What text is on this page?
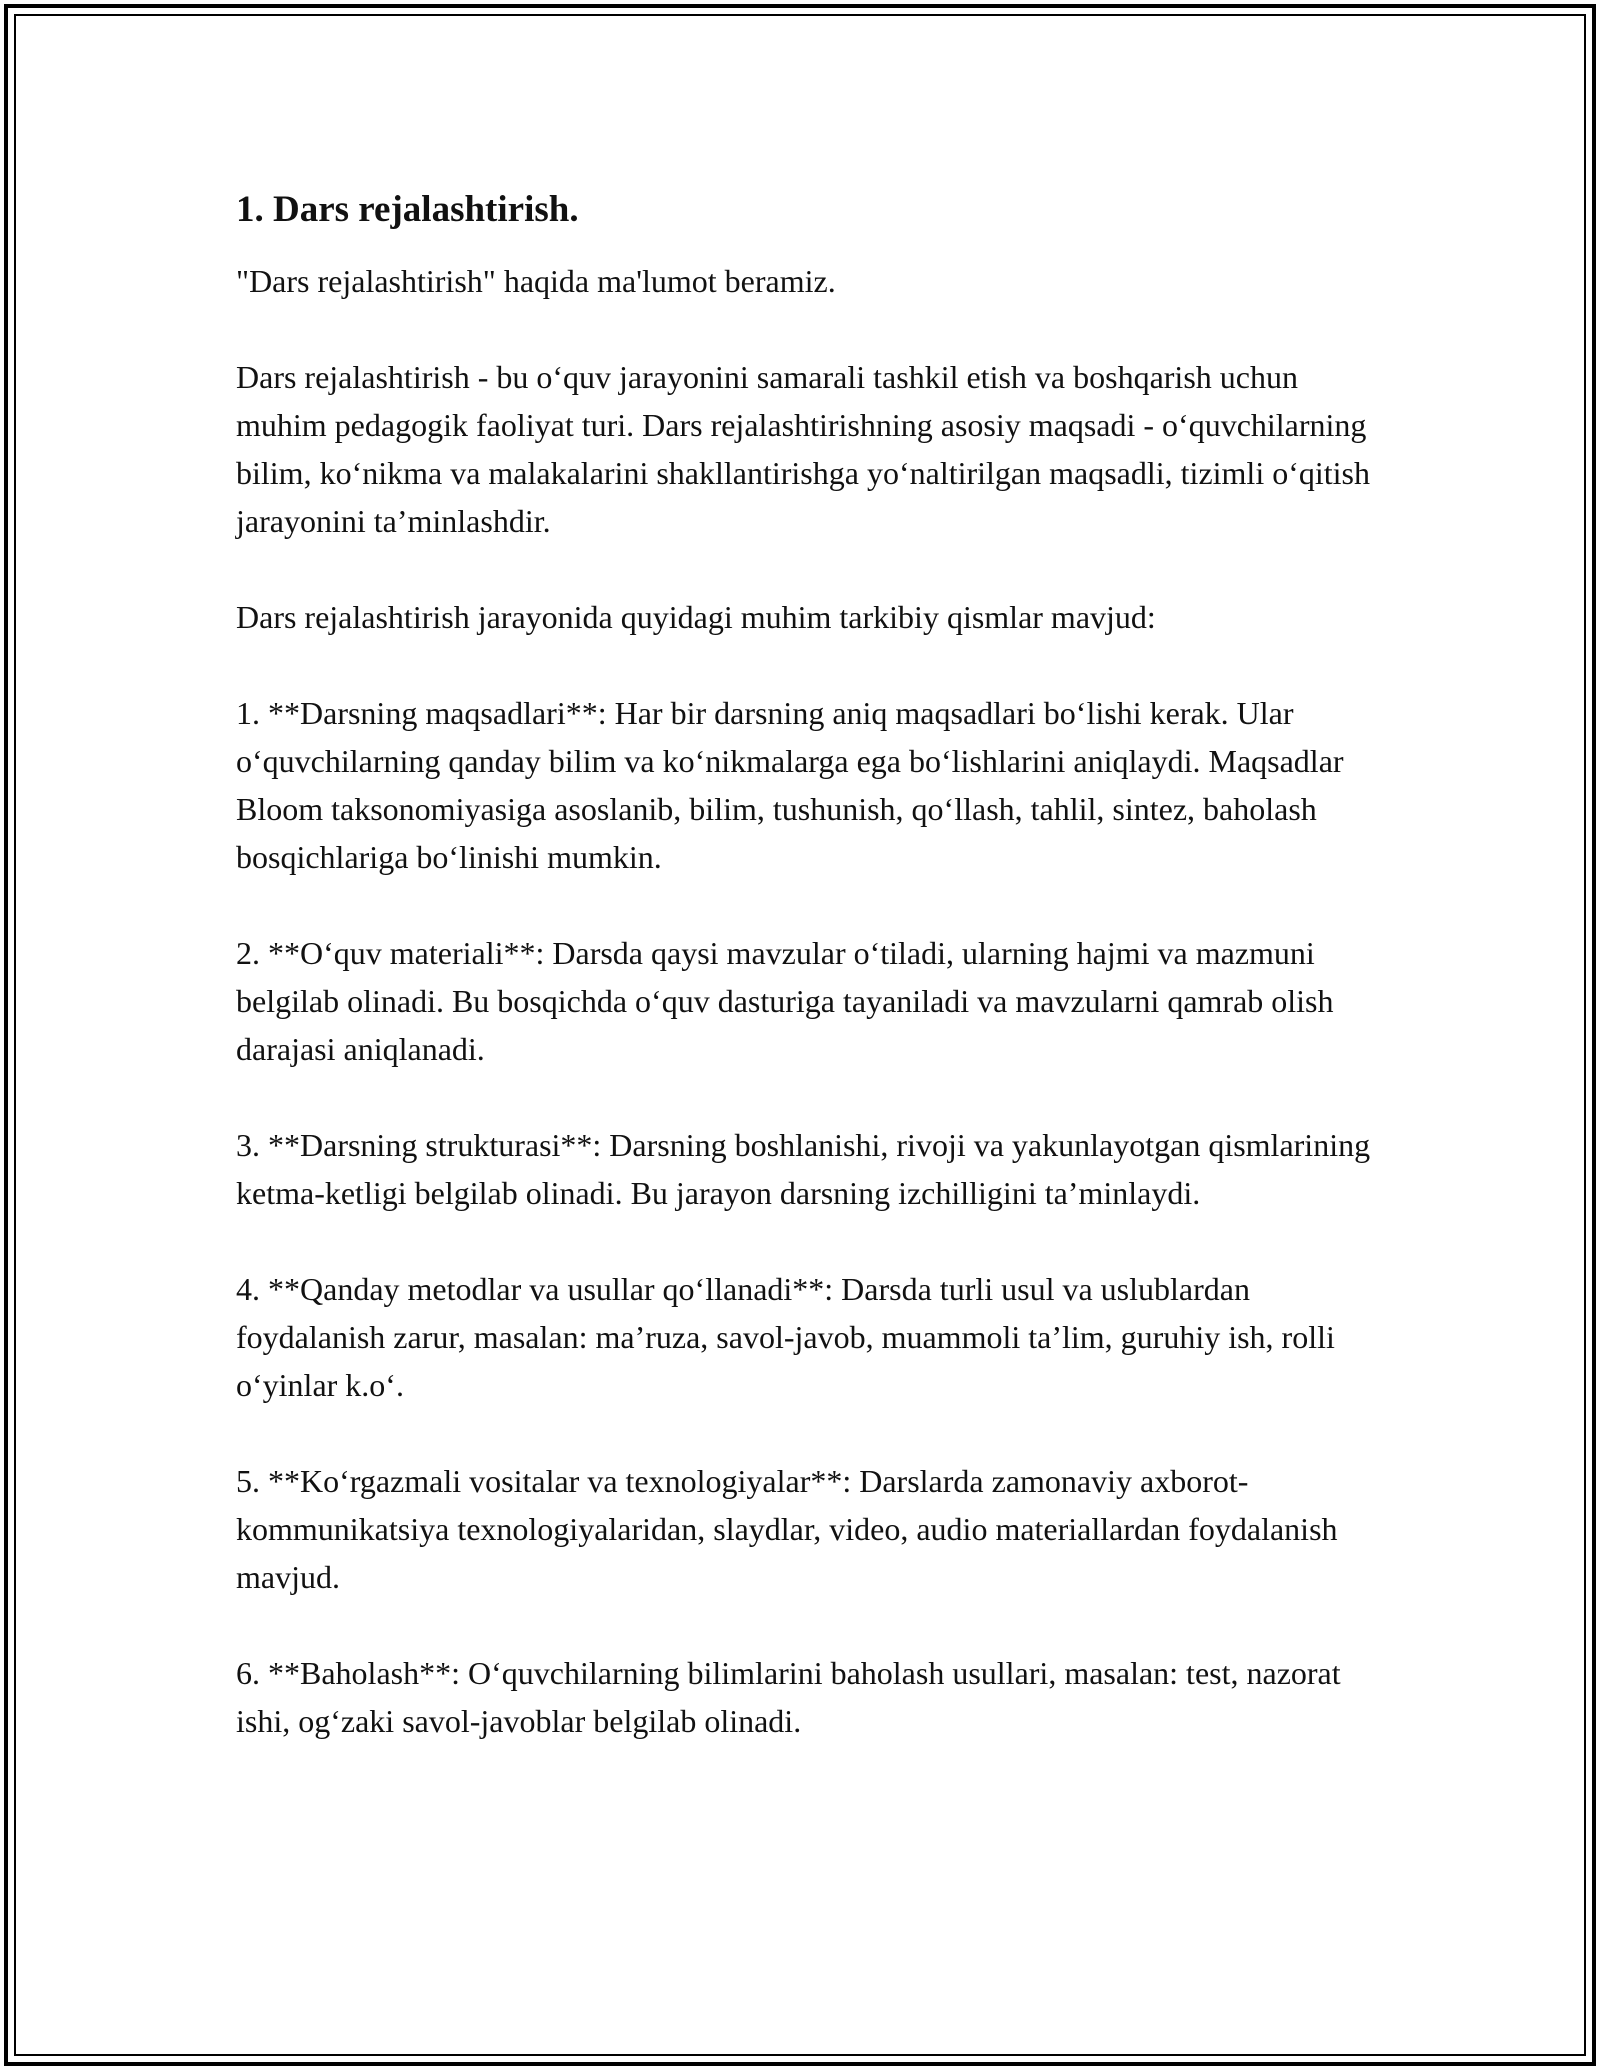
1. Dars rejalashtirish.

"Dars rejalashtirish" haqida ma'lumot beramiz.

Dars rejalashtirish - bu o‘quv jarayonini samarali tashkil etish va boshqarish uchun muhim pedagogik faoliyat turi. Dars rejalashtirishning asosiy maqsadi - o‘quvchilarning bilim, ko‘nikma va malakalarini shakllantirishga yo‘naltirilgan maqsadli, tizimli o‘qitish jarayonini ta’minlashdir.

Dars rejalashtirish jarayonida quyidagi muhim tarkibiy qismlar mavjud:

1. **Darsning maqsadlari**: Har bir darsning aniq maqsadlari bo‘lishi kerak. Ular o‘quvchilarning qanday bilim va ko‘nikmalarga ega bo‘lishlarini aniqlaydi. Maqsadlar Bloom taksonomiyasiga asoslanib, bilim, tushunish, qo‘llash, tahlil, sintez, baholash bosqichlariga bo‘linishi mumkin.

2. **O‘quv materiali**: Darsda qaysi mavzular o‘tiladi, ularning hajmi va mazmuni belgilab olinadi. Bu bosqichda o‘quv dasturiga tayaniladi va mavzularni qamrab olish darajasi aniqlanadi.

3. **Darsning strukturasi**: Darsning boshlanishi, rivoji va yakunlayotgan qismlarining ketma-ketligi belgilab olinadi. Bu jarayon darsning izchilligini ta’minlaydi.

4. **Qanday metodlar va usullar qo‘llanadi**: Darsda turli usul va uslublardan foydalanish zarur, masalan: ma’ruza, savol-javob, muammoli ta’lim, guruhiy ish, rolli o‘yinlar k.o‘.

5. **Ko‘rgazmali vositalar va texnologiyalar**: Darslarda zamonaviy axborot-kommunikatsiya texnologiyalaridan, slaydlar, video, audio materiallardan foydalanish mavjud.

6. **Baholash**: O‘quvchilarning bilimlarini baholash usullari, masalan: test, nazorat ishi, og‘zaki savol-javoblar belgilab olinadi.
